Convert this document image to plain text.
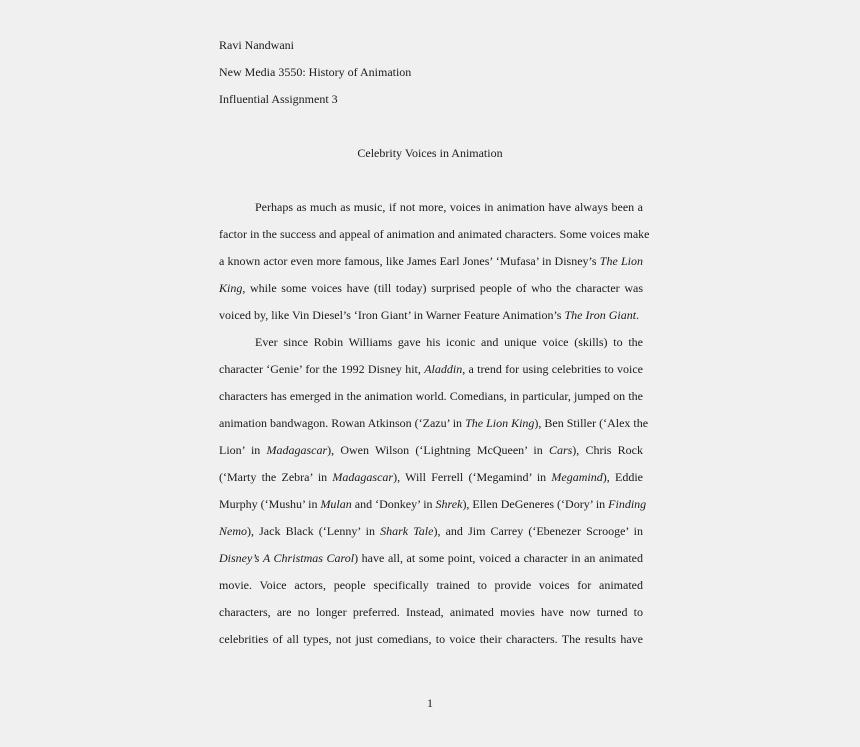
Ravi Nandwani
New Media 3550: History of Animation
Influential Assignment 3
Celebrity Voices in Animation
Perhaps as much as music, if not more, voices in animation have always been a
factor in the success and appeal of animation and animated characters. Some voices make
a known actor even more famous, like James Earl Jones’ ‘Mufasa’ in Disney’s The Lion
King, while some voices have (till today) surprised people of who the character was
voiced by, like Vin Diesel’s ‘Iron Giant’ in Warner Feature Animation’s The Iron Giant.
Ever since Robin Williams gave his iconic and unique voice (skills) to the
character ‘Genie’ for the 1992 Disney hit, Aladdin, a trend for using celebrities to voice
characters has emerged in the animation world. Comedians, in particular, jumped on the
animation bandwagon. Rowan Atkinson (‘Zazu’ in The Lion King), Ben Stiller (‘Alex the
Lion’ in Madagascar), Owen Wilson (‘Lightning McQueen’ in Cars), Chris Rock
(‘Marty the Zebra’ in Madagascar), Will Ferrell (‘Megamind’ in Megamind), Eddie
Murphy (‘Mushu’ in Mulan and ‘Donkey’ in Shrek), Ellen DeGeneres (‘Dory’ in Finding
Nemo), Jack Black (‘Lenny’ in Shark Tale), and Jim Carrey (‘Ebenezer Scrooge’ in
Disney’s A Christmas Carol) have all, at some point, voiced a character in an animated
movie. Voice actors, people specifically trained to provide voices for animated
characters, are no longer preferred. Instead, animated movies have now turned to
celebrities of all types, not just comedians, to voice their characters. The results have
1
